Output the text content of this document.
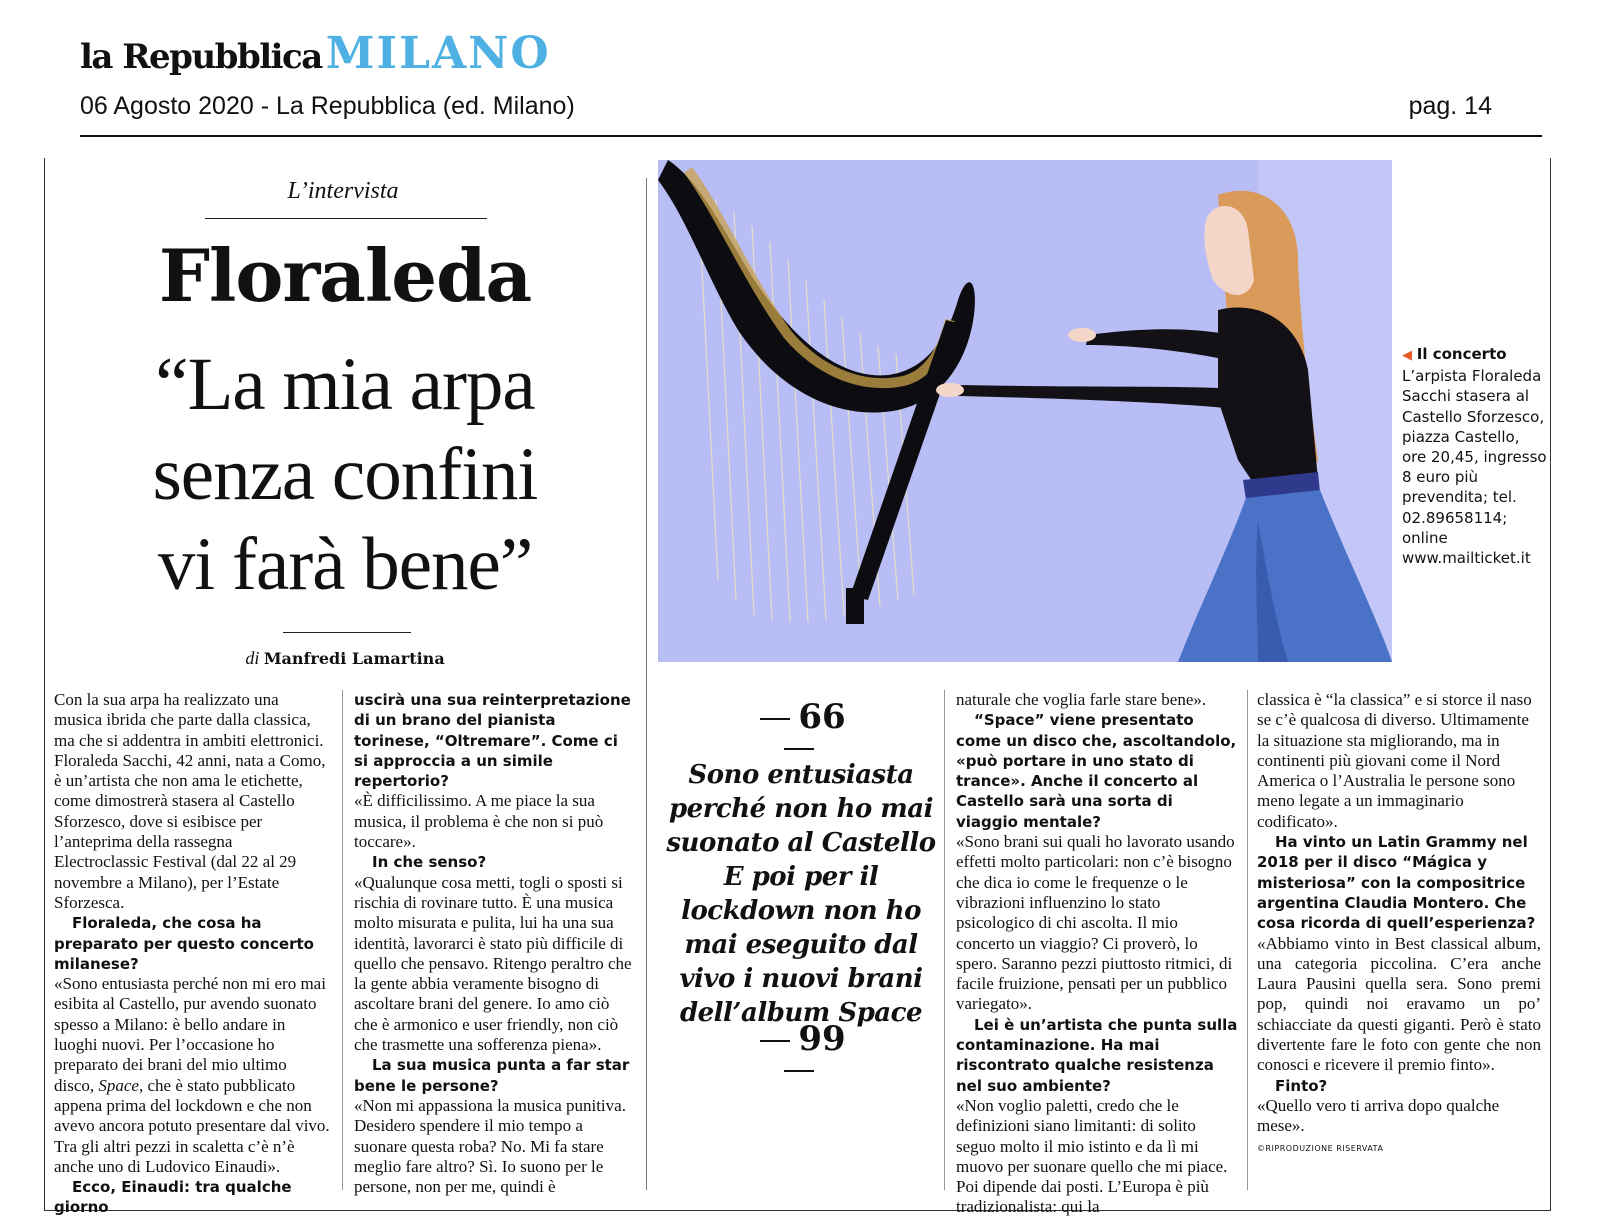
la RepubblicaMILANO
06 Agosto 2020 - La Repubblica (ed. Milano)	pag. 14
L’intervista
Floraleda
“La mia arpa
senza confini
vi farà bene”
di Manfredi Lamartina
◀ Il concerto L’arpista Floraleda Sacchi stasera al Castello Sforzesco, piazza Castello, ore 20,45, ingresso 8 euro più prevendita; tel. 02.89658114; online www.mailticket.it

Con la sua arpa ha realizzato una musica ibrida che parte dalla classica, ma che si addentra in ambiti elettronici. Floraleda Sacchi, 42 anni, nata a Como, è un’artista che non ama le etichette, come dimostrerà stasera al Castello Sforzesco, dove si esibisce per l’anteprima della rassegna Electroclassic Festival (dal 22 al 29 novembre a Milano), per l’Estate Sforzesca.

Floraleda, che cosa ha preparato per questo concerto milanese?

«Sono entusiasta perché non mi ero mai esibita al Castello, pur avendo suonato spesso a Milano: è bello andare in luoghi nuovi. Per l’occasione ho preparato dei brani del mio ultimo disco, Space, che è stato pubblicato appena prima del lockdown e che non avevo ancora potuto presentare dal vivo. Tra gli altri pezzi in scaletta c’è n’è anche uno di Ludovico Einaudi».

Ecco, Einaudi: tra qualche giorno

uscirà una sua reinterpretazione di un brano del pianista torinese, “Oltremare”. Come ci si approccia a un simile repertorio?

«È difficilissimo. A me piace la sua musica, il problema è che non si può toccare».

In che senso?

«Qualunque cosa metti, togli o sposti si rischia di rovinare tutto. È una musica molto misurata e pulita, lui ha una sua identità, lavorarci è stato più difficile di quello che pensavo. Ritengo peraltro che la gente abbia veramente bisogno di ascoltare brani del genere. Io amo ciò che è armonico e user friendly, non ciò che trasmette una sofferenza piena».

La sua musica punta a far star bene le persone?

«Non mi appassiona la musica punitiva. Desidero spendere il mio tempo a suonare questa roba? No. Mi fa stare meglio fare altro? Sì. Io suono per le persone, non per me, quindi è

66
Sono entusiasta perché non ho mai suonato al Castello E poi per il lockdown non ho mai eseguito dal vivo i nuovi brani dell’album Space
99

naturale che voglia farle stare bene».

“Space” viene presentato come un disco che, ascoltandolo, «può portare in uno stato di trance». Anche il concerto al Castello sarà una sorta di viaggio mentale?

«Sono brani sui quali ho lavorato usando effetti molto particolari: non c’è bisogno che dica io come le frequenze o le vibrazioni influenzino lo stato psicologico di chi ascolta. Il mio concerto un viaggio? Ci proverò, lo spero. Saranno pezzi piuttosto ritmici, di facile fruizione, pensati per un pubblico variegato».

Lei è un’artista che punta sulla contaminazione. Ha mai riscontrato qualche resistenza nel suo ambiente?

«Non voglio paletti, credo che le definizioni siano limitanti: di solito seguo molto il mio istinto e da lì mi muovo per suonare quello che mi piace. Poi dipende dai posti. L’Europa è più tradizionalista: qui la

classica è “la classica” e si storce il naso se c’è qualcosa di diverso. Ultimamente la situazione sta migliorando, ma in continenti più giovani come il Nord America o l’Australia le persone sono meno legate a un immaginario codificato».

Ha vinto un Latin Grammy nel 2018 per il disco “Mágica y misteriosa” con la compositrice argentina Claudia Montero. Che cosa ricorda di quell’esperienza?

«Abbiamo vinto in Best classical album, una categoria piccolina. C’era anche Laura Pausini quella sera. Sono premi pop, quindi noi eravamo un po’ schiacciate da questi giganti. Però è stato divertente fare le foto con gente che non conosci e ricevere il premio finto».

Finto?

«Quello vero ti arriva dopo qualche mese».

©RIPRODUZIONE RISERVATA
